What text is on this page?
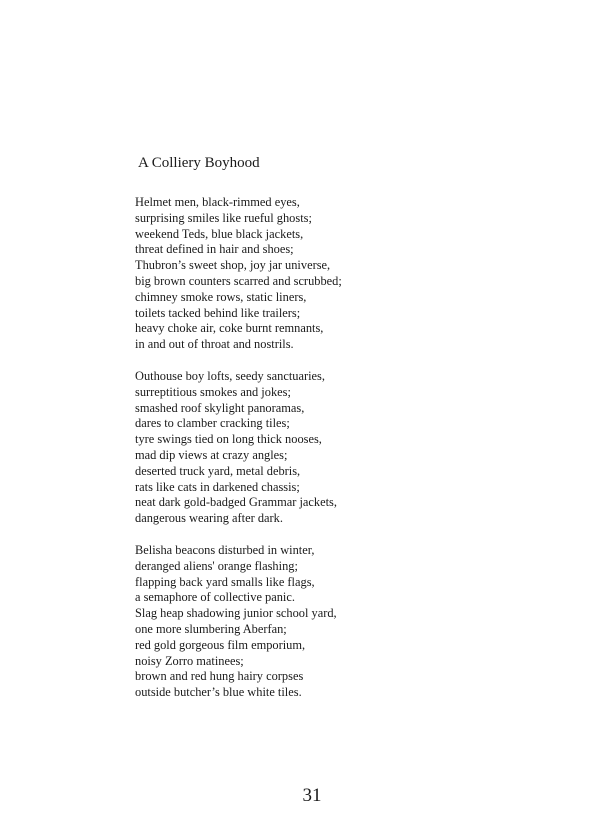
A Colliery Boyhood
Helmet men, black-rimmed eyes,
surprising smiles like rueful ghosts;
weekend Teds, blue black jackets,
threat defined in hair and shoes;
Thubron’s sweet shop, joy jar universe,
big brown counters scarred and scrubbed;
chimney smoke rows, static liners,
toilets tacked behind like trailers;
heavy choke air, coke burnt remnants,
in and out of throat and nostrils.
Outhouse boy lofts, seedy sanctuaries,
surreptitious smokes and jokes;
smashed roof skylight panoramas,
dares to clamber cracking tiles;
tyre swings tied on long thick nooses,
mad dip views at crazy angles;
deserted truck yard, metal debris,
rats like cats in darkened chassis;
neat dark gold-badged Grammar jackets,
dangerous wearing after dark.
Belisha beacons disturbed in winter,
deranged aliens' orange flashing;
flapping back yard smalls like flags,
a semaphore of collective panic.
Slag heap shadowing junior school yard,
one more slumbering Aberfan;
red gold gorgeous film emporium,
noisy Zorro matinees;
brown and red hung hairy corpses
outside butcher’s blue white tiles.
31
